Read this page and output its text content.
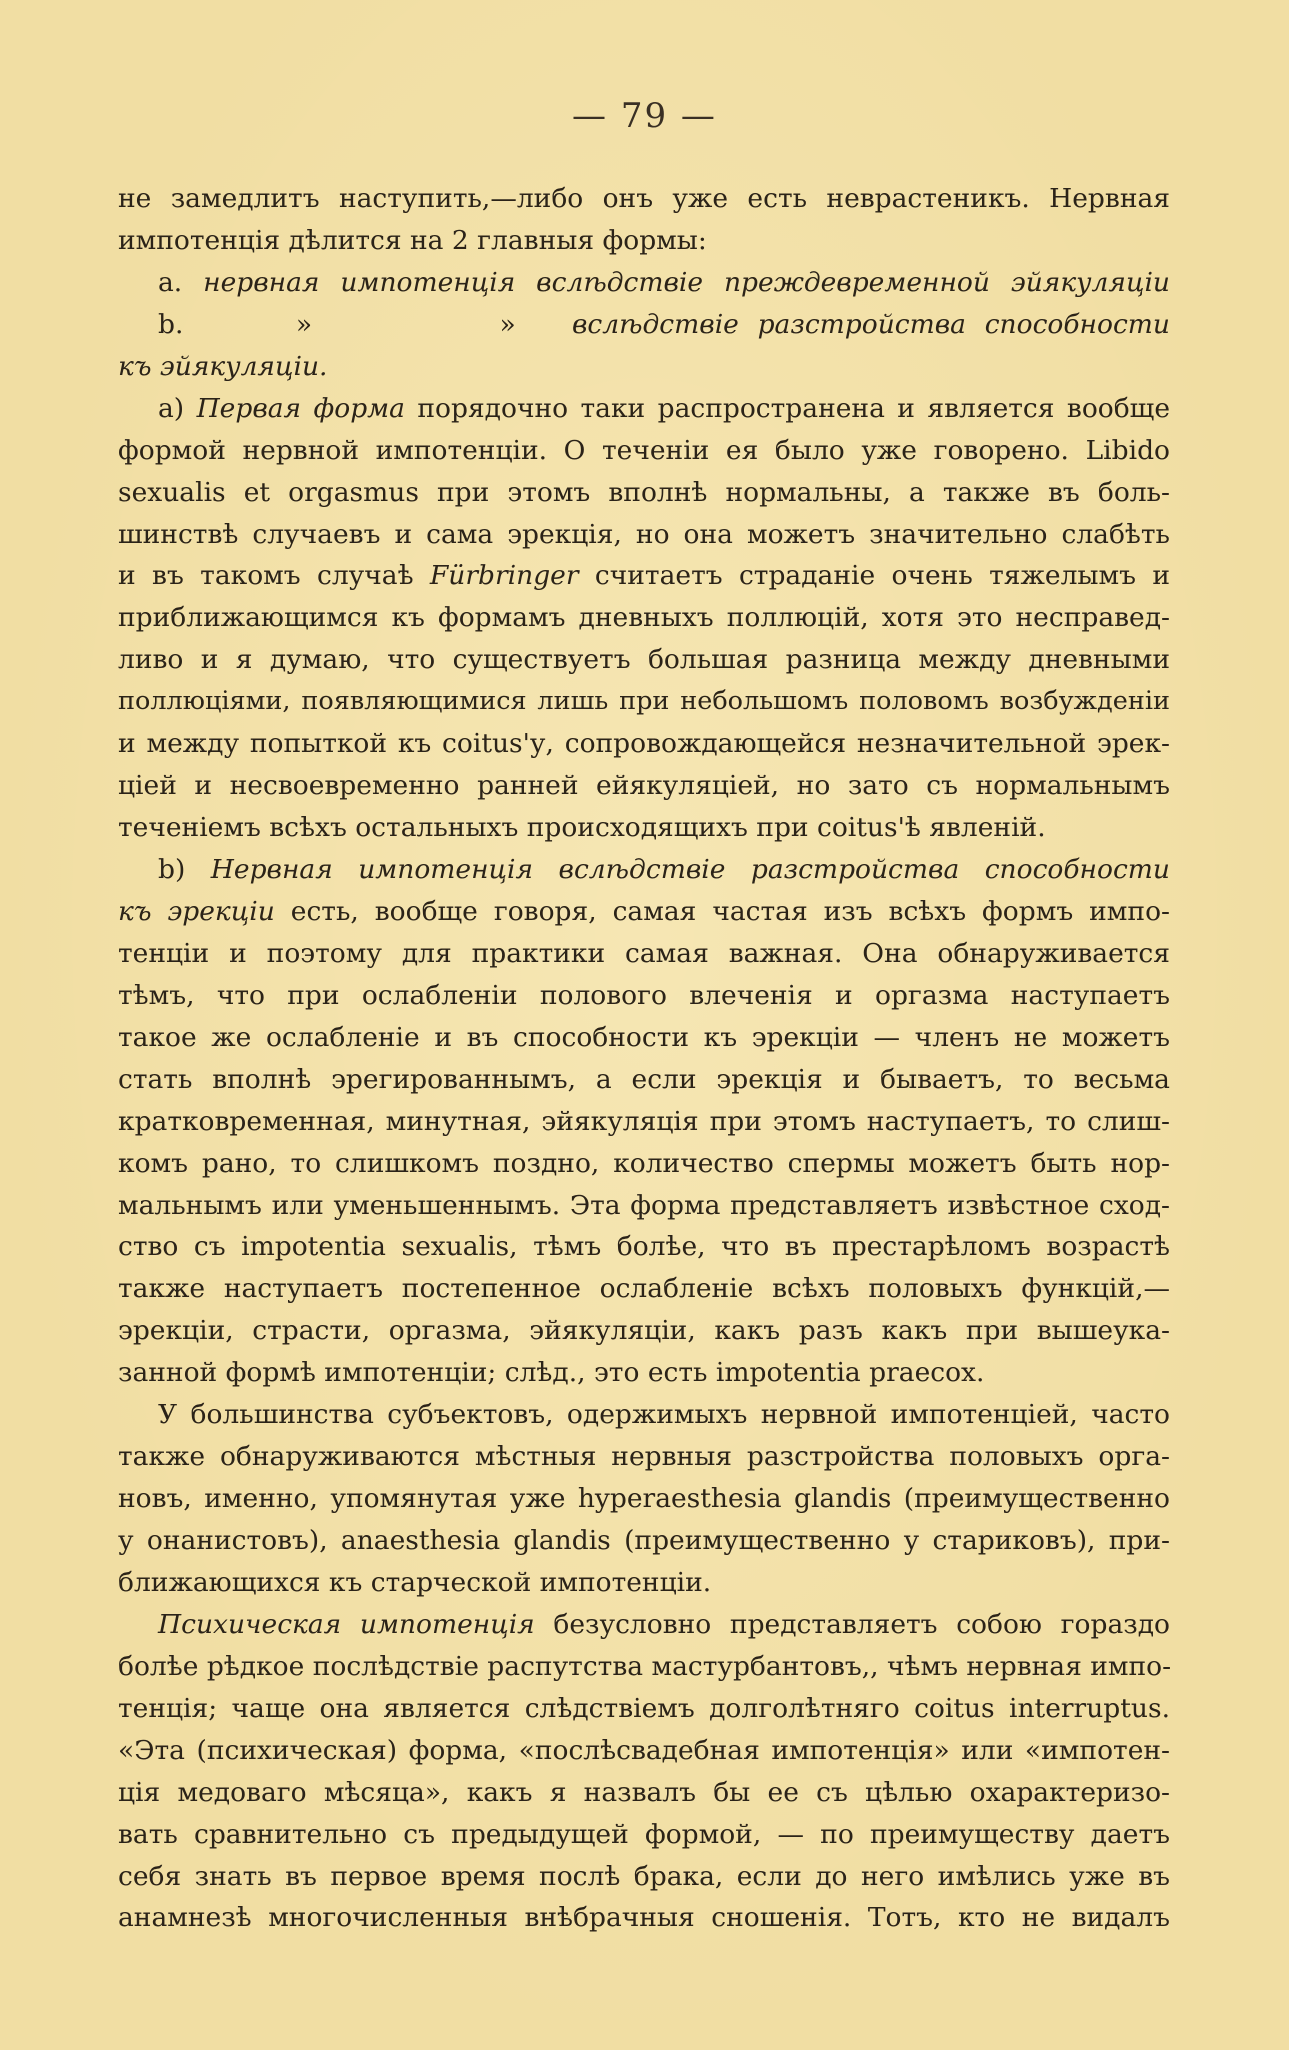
— 79 —
не замедлитъ наступить,—либо онъ уже есть неврастеникъ. Нервная
импотенція дѣлится на 2 главныя формы:
a. нервная импотенція вслѣдствіе преждевременной эйякуляціи
b.      »          »   вслѣдствіе разстройства способности
къ эйякуляціи.
a) Первая форма порядочно таки распространена и является вообще
формой нервной импотенціи. О теченіи ея было уже говорено. Libido
sexualis et orgasmus при этомъ вполнѣ нормальны, а также въ боль-
шинствѣ случаевъ и сама эрекція, но она можетъ значительно слабѣть
и въ такомъ случаѣ Fürbringer считаетъ страданіе очень тяжелымъ и
приближающимся къ формамъ дневныхъ поллюцій, хотя это несправед-
ливо и я думаю, что существуетъ большая разница между дневными
поллюціями, появляющимися лишь при небольшомъ половомъ возбужденіи
и между попыткой къ coitus'у, сопровождающейся незначительной эрек-
ціей и несвоевременно ранней ейякуляціей, но зато съ нормальнымъ
теченіемъ всѣхъ остальныхъ происходящихъ при coitus'ѣ явленій.
b) Нервная импотенція вслѣдствіе разстройства способности
къ эрекціи есть, вообще говоря, самая частая изъ всѣхъ формъ импо-
тенціи и поэтому для практики самая важная. Она обнаруживается
тѣмъ, что при ослабленіи полового влеченія и оргазма наступаетъ
такое же ослабленіе и въ способности къ эрекціи — членъ не можетъ
стать вполнѣ эрегированнымъ, а если эрекція и бываетъ, то весьма
кратковременная, минутная, эйякуляція при этомъ наступаетъ, то слиш-
комъ рано, то слишкомъ поздно, количество спермы можетъ быть нор-
мальнымъ или уменьшеннымъ. Эта форма представляетъ извѣстное сход-
ство съ impotentia sexualis, тѣмъ болѣе, что въ престарѣломъ возрастѣ
также наступаетъ постепенное ослабленіе всѣхъ половыхъ функцій,—
эрекціи, страсти, оргазма, эйякуляціи, какъ разъ какъ при вышеука-
занной формѣ импотенціи; слѣд., это есть impotentia praecox.
У большинства субъектовъ, одержимыхъ нервной импотенціей, часто
также обнаруживаются мѣстныя нервныя разстройства половыхъ орга-
новъ, именно, упомянутая уже hyperaesthesia glandis (преимущественно
у онанистовъ), anaesthesia glandis (преимущественно у стариковъ), при-
ближающихся къ старческой импотенціи.
Психическая импотенція безусловно представляетъ собою гораздо
болѣе рѣдкое послѣдствіе распутства мастурбантовъ,, чѣмъ нервная импо-
тенція; чаще она является слѣдствіемъ долголѣтняго coitus interruptus.
«Эта (психическая) форма, «послѣсвадебная импотенція» или «импотен-
ція медоваго мѣсяца», какъ я назвалъ бы ее съ цѣлью охарактеризо-
вать сравнительно съ предыдущей формой, — по преимуществу даетъ
себя знать въ первое время послѣ брака, если до него имѣлись уже въ
анамнезѣ многочисленныя внѣбрачныя сношенія. Тотъ, кто не видалъ
